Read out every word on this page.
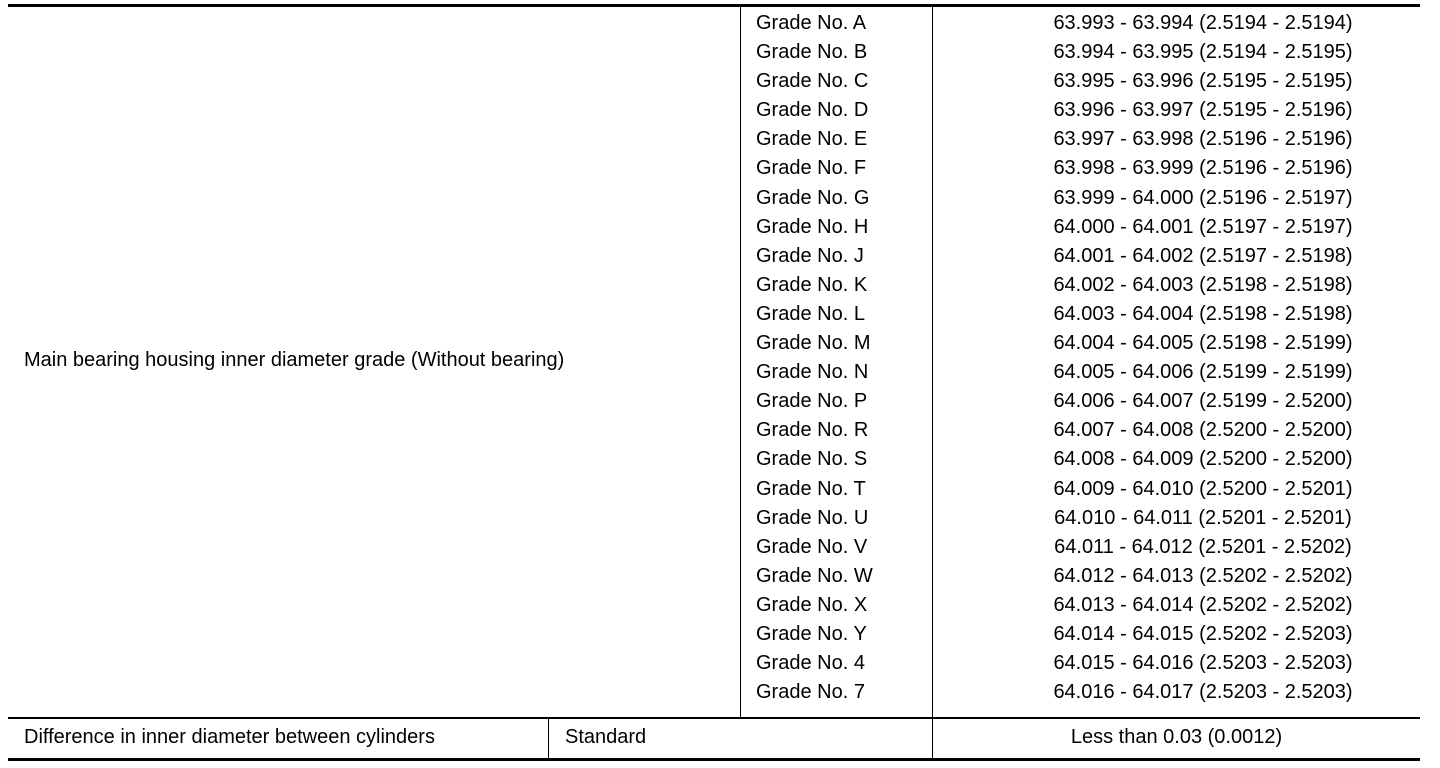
Main bearing housing inner diameter grade (Without bearing)
Grade No. A	63.993 - 63.994 (2.5194 - 2.5194)
Grade No. B	63.994 - 63.995 (2.5194 - 2.5195)
Grade No. C	63.995 - 63.996 (2.5195 - 2.5195)
Grade No. D	63.996 - 63.997 (2.5195 - 2.5196)
Grade No. E	63.997 - 63.998 (2.5196 - 2.5196)
Grade No. F	63.998 - 63.999 (2.5196 - 2.5196)
Grade No. G	63.999 - 64.000 (2.5196 - 2.5197)
Grade No. H	64.000 - 64.001 (2.5197 - 2.5197)
Grade No. J	64.001 - 64.002 (2.5197 - 2.5198)
Grade No. K	64.002 - 64.003 (2.5198 - 2.5198)
Grade No. L	64.003 - 64.004 (2.5198 - 2.5198)
Grade No. M	64.004 - 64.005 (2.5198 - 2.5199)
Grade No. N	64.005 - 64.006 (2.5199 - 2.5199)
Grade No. P	64.006 - 64.007 (2.5199 - 2.5200)
Grade No. R	64.007 - 64.008 (2.5200 - 2.5200)
Grade No. S	64.008 - 64.009 (2.5200 - 2.5200)
Grade No. T	64.009 - 64.010 (2.5200 - 2.5201)
Grade No. U	64.010 - 64.011 (2.5201 - 2.5201)
Grade No. V	64.011 - 64.012 (2.5201 - 2.5202)
Grade No. W	64.012 - 64.013 (2.5202 - 2.5202)
Grade No. X	64.013 - 64.014 (2.5202 - 2.5202)
Grade No. Y	64.014 - 64.015 (2.5202 - 2.5203)
Grade No. 4	64.015 - 64.016 (2.5203 - 2.5203)
Grade No. 7	64.016 - 64.017 (2.5203 - 2.5203)
Difference in inner diameter between cylinders	Standard	Less than 0.03 (0.0012)
